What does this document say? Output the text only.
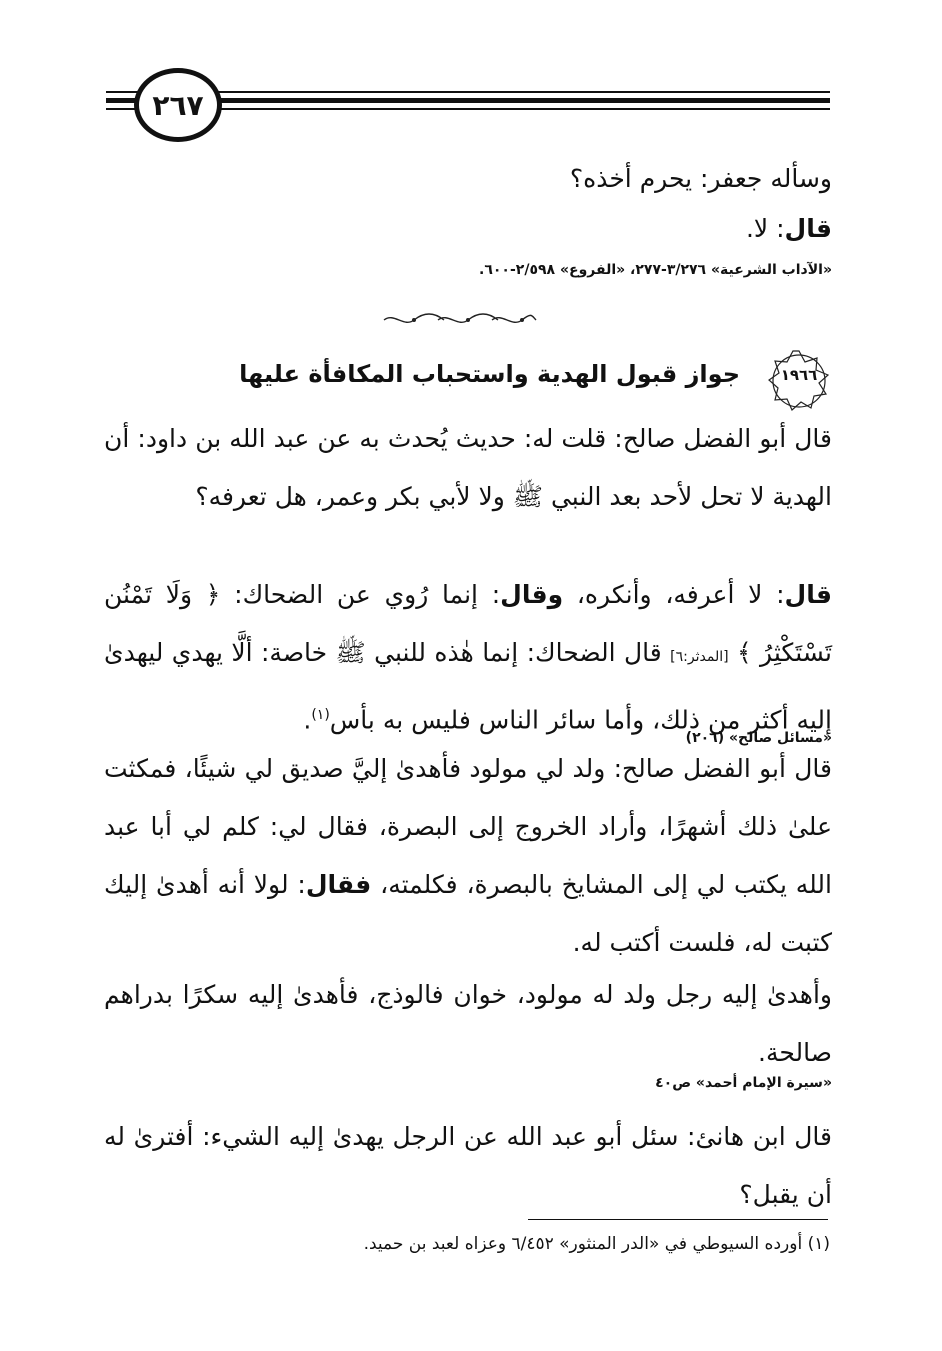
٢٦٧
وسأله جعفر: يحرم أخذه؟
قال: لا.
«الآداب الشرعية» ٣/٢٧٦-٢٧٧، «الفروع» ٢/٥٩٨-٦٠٠.
١٩٦٦
جواز قبول الهدية واستحباب المكافأة عليها
قال أبو الفضل صالح: قلت له: حديث يُحدث به عن عبد الله بن داود: أن الهدية لا تحل لأحد بعد النبي ﷺ ولا لأبي بكر وعمر، هل تعرفه؟
قال: لا أعرفه، وأنكره، وقال: إنما رُوي عن الضحاك: ﴿ وَلَا تَمْنُن تَسْتَكْثِرُ ﴾ [المدثر:٦] قال الضحاك: إنما هٰذه للنبي ﷺ خاصة: ألَّا يهدي ليهدىٰ إليه أكثر من ذلك، وأما سائر الناس فليس به بأس$^{(١)}$.
«مسائل صالح» (٢٠٦)
قال أبو الفضل صالح: ولد لي مولود فأهدىٰ إليَّ صديق لي شيئًا، فمكثت علىٰ ذلك أشهرًا، وأراد الخروج إلى البصرة، فقال لي: كلم لي أبا عبد الله يكتب لي إلى المشايخ بالبصرة، فكلمته، فقال: لولا أنه أهدىٰ إليك كتبت له، فلست أكتب له.
وأهدىٰ إليه رجل ولد له مولود، خوان فالوذج، فأهدىٰ إليه سكرًا بدراهم صالحة.
«سيرة الإمام أحمد» ص٤٠
قال ابن هانئ: سئل أبو عبد الله عن الرجل يهدىٰ إليه الشيء: أفترىٰ له أن يقبل؟
(١) أورده السيوطي في «الدر المنثور» ٦/٤٥٢ وعزاه لعبد بن حميد.
